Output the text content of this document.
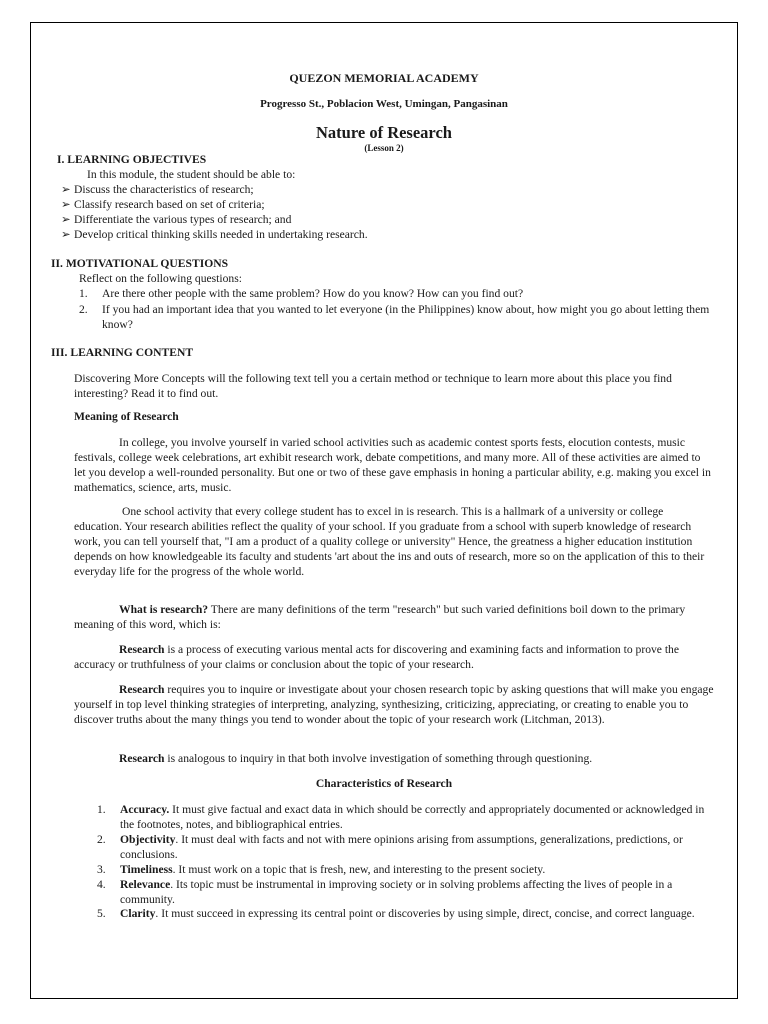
QUEZON MEMORIAL ACADEMY

Progresso St., Poblacion West, Umingan, Pangasinan

Nature of Research

(Lesson 2)

I. LEARNING OBJECTIVES

In this module, the student should be able to:

➢ Discuss the characteristics of research;
➢ Classify research based on set of criteria;
➢ Differentiate the various types of research; and
➢ Develop critical thinking skills needed in undertaking research.

II. MOTIVATIONAL QUESTIONS

Reflect on the following questions:

1. Are there other people with the same problem? How do you know? How can you find out?

2. If you had an important idea that you wanted to let everyone (in the Philippines) know about, how might you go about letting them know?

III. LEARNING CONTENT

Discovering More Concepts will the following text tell you a certain method or technique to learn more about this place you find interesting? Read it to find out.

Meaning of Research

In college, you involve yourself in varied school activities such as academic contest sports fests, elocution contests, music festivals, college week celebrations, art exhibit research work, debate competitions, and many more. All of these activities are aimed to let you develop a well-rounded personality. But one or two of these gave emphasis in honing a particular ability, e.g. making you excel in mathematics, science, arts, music.

One school activity that every college student has to excel in is research. This is a hallmark of a university or college education. Your research abilities reflect the quality of your school. If you graduate from a school with superb knowledge of research work, you can tell yourself that, "I am a product of a quality college or university" Hence, the greatness a higher education institution depends on how knowledgeable its faculty and students 'art about the ins and outs of research, more so on the application of this to their everyday life for the progress of the whole world.

What is research? There are many definitions of the term "research" but such varied definitions boil down to the primary meaning of this word, which is:

Research is a process of executing various mental acts for discovering and examining facts and information to prove the accuracy or truthfulness of your claims or conclusion about the topic of your research.

Research requires you to inquire or investigate about your chosen research topic by asking questions that will make you engage yourself in top level thinking strategies of interpreting, analyzing, synthesizing, criticizing, appreciating, or creating to enable you to discover truths about the many things you tend to wonder about the topic of your research work (Litchman, 2013).

Research is analogous to inquiry in that both involve investigation of something through questioning.

Characteristics of Research

1. Accuracy. It must give factual and exact data in which should be correctly and appropriately documented or acknowledged in the footnotes, notes, and bibliographical entries.

2. Objectivity. It must deal with facts and not with mere opinions arising from assumptions, generalizations, predictions, or conclusions.

3. Timeliness. It must work on a topic that is fresh, new, and interesting to the present society.

4. Relevance. Its topic must be instrumental in improving society or in solving problems affecting the lives of people in a community.

5. Clarity. It must succeed in expressing its central point or discoveries by using simple, direct, concise, and correct language.
